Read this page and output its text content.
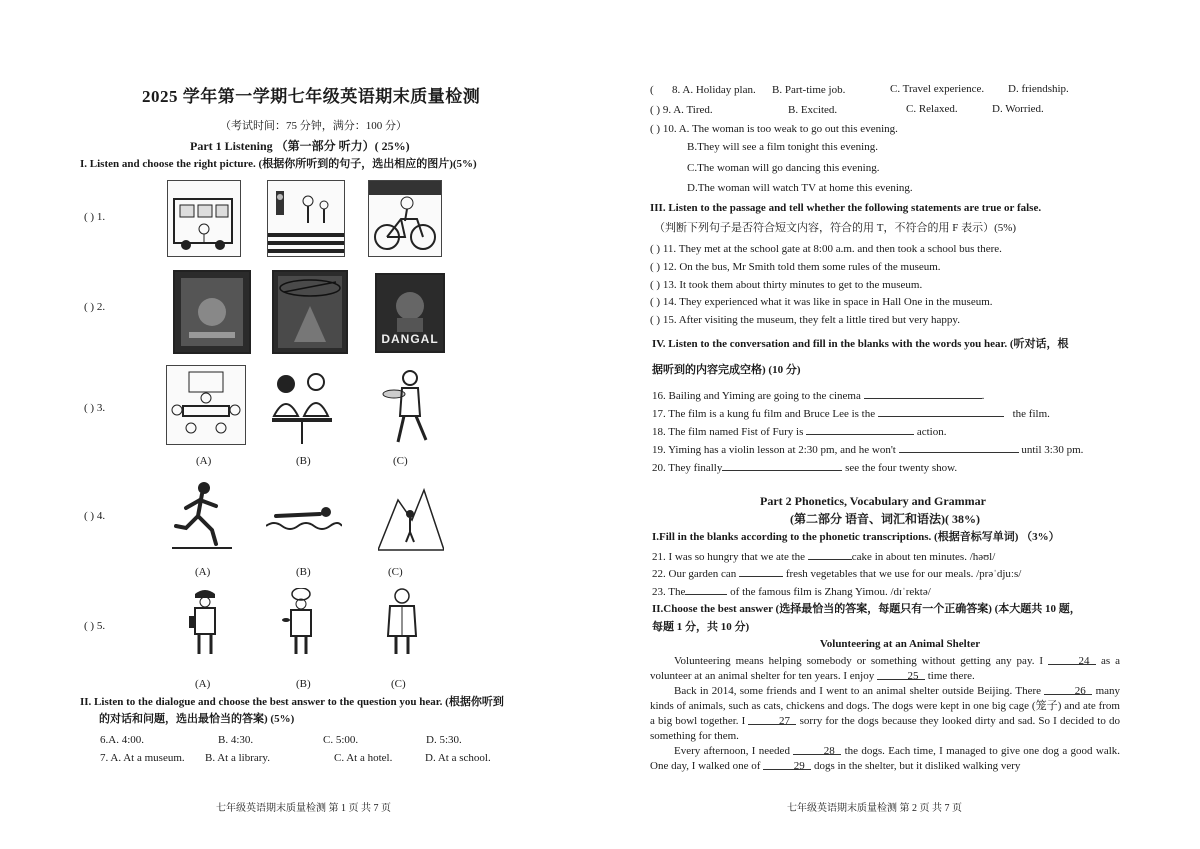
2025 学年第一学期七年级英语期末质量检测
（考试时间：75 分钟，满分：100 分）
Part 1 Listening （第一部分 听力）( 25%)
I. Listen and choose the right picture. (根据你所听到的句子，选出相应的图片)(5%)
( ) 1.
( ) 2.
( ) 3.
( ) 4.
( ) 5.
DANGAL
(A)	(B)	(C)
(A)	(B)	(C)
(A)	(B)	(C)
II. Listen to the dialogue and choose the best answer to the question you hear. (根据你听到
的对话和问题，选出最恰当的答案) (5%)
6.A. 4:00.	B. 4:30.	C. 5:00.	D. 5:30.
7. A. At a museum. B. At a library.	C. At a hotel.	D. At a school.
七年级英语期末质量检测 第 1 页 共 7 页
( 8. A. Holiday plan. B. Part-time job.	C. Travel experience. D. friendship.
( ) 9. A. Tired.	B. Excited.	C. Relaxed.	D. Worried.
( ) 10. A. The woman is too weak to go out this evening.
B.They will see a film tonight this evening.
C.The woman will go dancing this evening.
D.The woman will watch TV at home this evening.
III. Listen to the passage and tell whether the following statements are true or false.
（判断下列句子是否符合短文内容，符合的用 T，不符合的用 F 表示）(5%)
( ) 11. They met at the school gate at 8:00 a.m. and then took a school bus there.
( ) 12. On the bus, Mr Smith told them some rules of the museum.
( ) 13. It took them about thirty minutes to get to the museum.
( ) 14. They experienced what it was like in space in Hall One in the museum.
( ) 15. After visiting the museum, they felt a little tired but very happy.
IV. Listen to the conversation and fill in the blanks with the words you hear. (听对话，根
据听到的内容完成空格) (10 分)
16. Bailing and Yiming are going to the cinema	.
17. The film is a kung fu film and Bruce Lee is the	the film.
18. The film named Fist of Fury is	action.
19. Yiming has a violin lesson at 2:30 pm, and he won't	until 3:30 pm.
20. They finally	see the four twenty show.
Part 2 Phonetics, Vocabulary and Grammar
(第二部分 语音、词汇和语法)( 38%)
I.Fill in the blanks according to the phonetic transcriptions. (根据音标写单词) （3%）
21. I was so hungry that we ate the	cake in about ten minutes. /həʊl/
22. Our garden can	fresh vegetables that we use for our meals. /prəˈdjuːs/
23. The	of the famous film is Zhang Yimou. /dɪˈrektə/
II.Choose the best answer (选择最恰当的答案，每题只有一个正确答案) (本大题共 10 题，
每题 1 分，共 10 分)
Volunteering at an Animal Shelter
Volunteering means helping somebody or something without getting any pay. I	24 as a volunteer at an animal shelter for ten years. I enjoy	25 time there.
Back in 2014, some friends and I went to an animal shelter outside Beijing. There	26 many kinds of animals, such as cats, chickens and dogs. The dogs were kept in one big cage (笼子) and ate from a big bowl together. I	27 sorry for the dogs because they looked dirty and sad. So I decided to do something for them.
Every afternoon, I needed	28 the dogs. Each time, I managed to give one dog a good walk. One day, I walked one of	29 dogs in the shelter, but it disliked walking very
七年级英语期末质量检测 第 2 页 共 7 页
